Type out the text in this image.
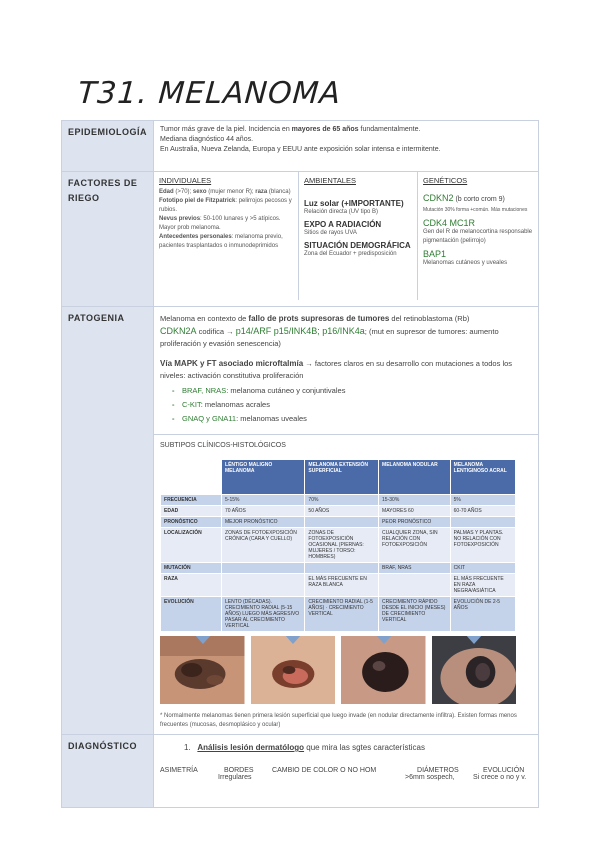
T31. MELANOMA
EPIDEMIOLOGÍA	Tumor más grave de la piel. Incidencia en mayores de 65 años fundamentalmente.
Mediana diagnóstico 44 años.
En Australia, Nueva Zelanda, Europa y EEUU ante exposición solar intensa e intermitente.

FACTORES DE RIEGO	
INDIVIDUALES
Edad (>70); sexo (mujer menor R); raza (blanca)
Fototipo piel de Fitzpatrick: pelirrojos pecosos y rubios.
Nevus previos: 50-100 lunares y >5 atípicos. Mayor prob melanoma.
Antecedentes personales: melanoma previo, pacientes trasplantados o inmunodeprimidos
AMBIENTALES
Luz solar (+IMPORTANTE)
Relación directa (UV tipo B)
EXPO A RADIACIÓN
Sitios de rayos UVA
SITUACIÓN DEMOGRÁFICA
Zona del Ecuador + predisposición
GENÉTICOS
CDKN2 (b corto crom 9)
Mutación 30% forma +común. Más mutaciones
CDK4 MC1R
Gen del R de melanocortina responsable pigmentación (pelirrojo)
BAP1
Melanomas cutáneos y uveales

PATOGENIA	Melanoma en contexto de fallo de prots supresoras de tumores del retinoblastoma (Rb)
CDKN2A codifica → p14/ARF p15/INK4B; p16/INK4a; (mut en supresor de tumores: aumento proliferación y evasión senescencia)
Vía MAPK y FT asociado microftalmía → factores claros en su desarrollo con mutaciones a todos los niveles: activación constitutiva proliferación
- BRAF, NRAS: melanoma cutáneo y conjuntivales
- C-KIT: melanomas acrales
- GNAQ y GNA11: melanomas uveales
SUBTIPOS CLÍNICOS-HISTOLÓGICOS
	LÉNTIGO MALIGNO MELANOMA	MELANOMA EXTENSIÓN SUPERFICIAL	MELANOMA NODULAR	MELANOMA LENTIGINOSO ACRAL
FRECUENCIA	5-15%	70%	15-30%	5%
EDAD	70 AÑOS	50 AÑOS	MAYORES 60	60-70 AÑOS
PRONÓSTICO	MEJOR PRONÓSTICO		PEOR PRONÓSTICO	
LOCALIZACIÓN	ZONAS DE FOTOEXPOSICIÓN CRÓNICA (CARA Y CUELLO)	ZONAS DE FOTOEXPOSICIÓN OCASIONAL (PIERNAS: MUJERES / TORSO: HOMBRES)	CUALQUIER ZONA, SIN RELACIÓN CON FOTOEXPOSICIÓN	PALMAS Y PLANTAS. NO RELACIÓN CON FOTOEXPOSICIÓN
MUTACIÓN			BRAF, NRAS	CKIT
RAZA		EL MÁS FRECUENTE EN RAZA BLANCA		EL MÁS FRECUENTE EN RAZA NEGRA/ASIÁTICA
EVOLUCIÓN	LENTO (DÉCADAS). CRECIMIENTO RADIAL (5-15 AÑOS) LUEGO MÁS AGRESIVO PASAR AL CRECIMIENTO VERTICAL	CRECIMIENTO RADIAL (1-5 AÑOS) · CRECIMIENTO VERTICAL	CRECIMIENTO RÁPIDO DESDE EL INICIO (MESES) DE CRECIMIENTO VERTICAL	EVOLUCIÓN DE 2-5 AÑOS
* Normalmente melanomas tienen primera lesión superficial que luego invade (en nodular directamente infiltra). Existen formas menos frecuentes (mucosas, desmoplásico y ocular)

DIAGNÓSTICO	1. Análisis lesión dermatólogo que mira las sgtes características
ASIMETRÍA	BORDES
Irregulares
CAMBIO DE COLOR O NO HOM	DIÁMETROS
>6mm sospech,
EVOLUCIÓN
Si crece o no y v.
